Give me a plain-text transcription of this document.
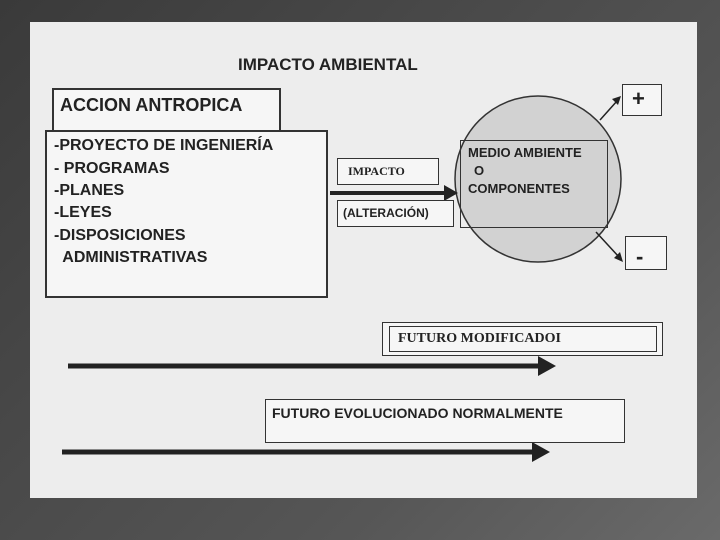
IMPACTO AMBIENTAL
ACCION ANTROPICA
-PROYECTO DE INGENIERÍA
- PROGRAMAS
-PLANES
-LEYES
-DISPOSICIONES
ADMINISTRATIVAS
IMPACTO
(ALTERACIÓN)
MEDIO AMBIENTE
O
COMPONENTES
+
-
FUTURO MODIFICADOI
FUTURO EVOLUCIONADO NORMALMENTE
